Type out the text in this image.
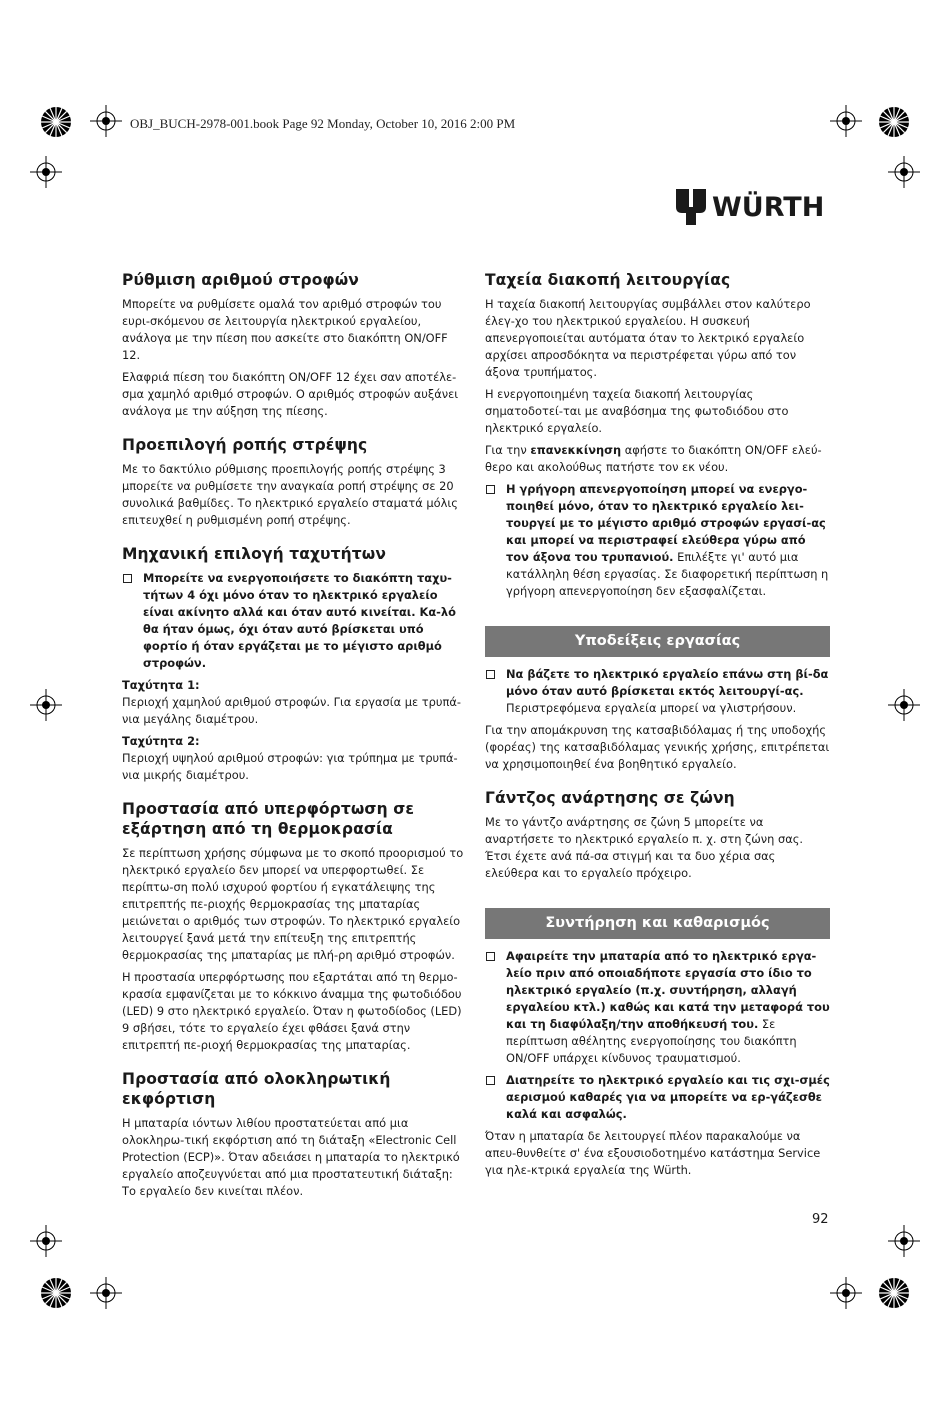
OBJ_BUCH-2978-001.book Page 92 Monday, October 10, 2016 2:00 PM
WÜRTH
Ρύθμιση αριθμού στροφών

Μπορείτε να ρυθμίσετε ομαλά τον αριθμό στροφών του ευρι-σκόμενου σε λειτουργία ηλεκτρικού εργαλείου, ανάλογα με την πίεση που ασκείτε στο διακόπτη ON/OFF 12.

Ελαφριά πίεση του διακόπτη ON/OFF 12 έχει σαν αποτέλε-σμα χαμηλό αριθμό στροφών. Ο αριθμός στροφών αυξάνει ανάλογα με την αύξηση της πίεσης.

Προεπιλογή ροπής στρέψης

Με το δακτύλιο ρύθμισης προεπιλογής ροπής στρέψης 3 μπορείτε να ρυθμίσετε την αναγκαία ροπή στρέψης σε 20 συνολικά βαθμίδες. Το ηλεκτρικό εργαλείο σταματά μόλις επιτευχθεί η ρυθμισμένη ροπή στρέψης.

Μηχανική επιλογή ταχυτήτων
Μπορείτε να ενεργοποιήσετε το διακόπτη ταχυ-τήτων 4 όχι μόνο όταν το ηλεκτρικό εργαλείο είναι ακίνητο αλλά και όταν αυτό κινείται. Κα-λό θα ήταν όμως, όχι όταν αυτό βρίσκεται υπό φορτίο ή όταν εργάζεται με το μέγιστο αριθμό στροφών.

Ταχύτητα 1:

Περιοχή χαμηλού αριθμού στροφών. Για εργασία με τρυπά-νια μεγάλης διαμέτρου.

Ταχύτητα 2:

Περιοχή υψηλού αριθμού στροφών: για τρύπημα με τρυπά-νια μικρής διαμέτρου.

Προστασία από υπερφόρτωση σε εξάρτηση από τη θερμοκρασία

Σε περίπτωση χρήσης σύμφωνα με το σκοπό προορισμού το ηλεκτρικό εργαλείο δεν μπορεί να υπερφορτωθεί. Σε περίπτω-ση πολύ ισχυρού φορτίου ή εγκατάλειψης της επιτρεπτής πε-ριοχής θερμοκρασίας της μπαταρίας μειώνεται ο αριθμός των στροφών. Το ηλεκτρικό εργαλείο λειτουργεί ξανά μετά την επίτευξη της επιτρεπτής θερμοκρασίας της μπαταρίας με πλή-ρη αριθμό στροφών.

Η προστασία υπερφόρτωσης που εξαρτάται από τη θερμο-κρασία εμφανίζεται με το κόκκινο άναμμα της φωτοδιόδου (LED) 9 στο ηλεκτρικό εργαλείο. Όταν η φωτοδίοδος (LED) 9 σβήσει, τότε το εργαλείο έχει φθάσει ξανά στην επιτρεπτή πε-ριοχή θερμοκρασίας της μπαταρίας.

Προστασία από ολοκληρωτική εκφόρτιση

Η μπαταρία ιόντων λιθίου προστατεύεται από μια ολοκληρω-τική εκφόρτιση από τη διάταξη «Electronic Cell Protection (ECP)». Όταν αδειάσει η μπαταρία το ηλεκτρικό εργαλείο αποζευγνύεται από μια προστατευτική διάταξη: Το εργαλείο δεν κινείται πλέον.

Ταχεία διακοπή λειτουργίας

Η ταχεία διακοπή λειτουργίας συμβάλλει στον καλύτερο έλεγ-χο του ηλεκτρικού εργαλείου. Η συσκευή απενεργοποιείται αυτόματα όταν το λεκτρικό εργαλείο αρχίσει απροσδόκητα να περιστρέφεται γύρω από τον άξονα τρυπήματος.

Η ενεργοποιημένη ταχεία διακοπή λειτουργίας σηματοδοτεί-ται με αναβόσημα της φωτοδιόδου στο ηλεκτρικό εργαλείο.

Για την επανεκκίνηση αφήστε το διακόπτη ON/OFF ελεύ-θερο και ακολούθως πατήστε τον εκ νέου.

Η γρήγορη απενεργοποίηση μπορεί να ενεργο-ποιηθεί μόνο, όταν το ηλεκτρικό εργαλείο λει-τουργεί με το μέγιστο αριθμό στροφών εργασί-ας και μπορεί να περιστραφεί ελεύθερα γύρω από τον άξονα του τρυπανιού. Επιλέξτε γι' αυτό μια κατάλληλη θέση εργασίας. Σε διαφορετική περίπτωση η γρήγορη απενεργοποίηση δεν εξασφαλίζεται.
Υποδείξεις εργασίας
Να βάζετε το ηλεκτρικό εργαλείο επάνω στη βί-δα μόνο όταν αυτό βρίσκεται εκτός λειτουργί-ας. Περιστρεφόμενα εργαλεία μπορεί να γλιστρήσουν.

Για την απομάκρυνση της κατσαβιδόλαμας ή της υποδοχής (φορέας) της κατσαβιδόλαμας γενικής χρήσης, επιτρέπεται να χρησιμοποιηθεί ένα βοηθητικό εργαλείο.

Γάντζος ανάρτησης σε ζώνη

Με το γάντζο ανάρτησης σε ζώνη 5 μπορείτε να αναρτήσετε το ηλεκτρικό εργαλείο π. χ. στη ζώνη σας. Έτσι έχετε ανά πά-σα στιγμή και τα δυο χέρια σας ελεύθερα και το εργαλείο πρόχειρο.

Συντήρηση και καθαρισμός
Αφαιρείτε την μπαταρία από το ηλεκτρικό εργα-λείο πριν από οποιαδήποτε εργασία στο ίδιο το ηλεκτρικό εργαλείο (π.χ. συντήρηση, αλλαγή εργαλείου κτλ.) καθώς και κατά την μεταφορά του και τη διαφύλαξη/την αποθήκευσή του. Σε περίπτωση αθέλητης ενεργοποίησης του διακόπτη ON/OFF υπάρχει κίνδυνος τραυματισμού.
Διατηρείτε το ηλεκτρικό εργαλείο και τις σχι-σμές αερισμού καθαρές για να μπορείτε να ερ-γάζεσθε καλά και ασφαλώς.

Όταν η μπαταρία δε λειτουργεί πλέον παρακαλούμε να απευ-θυνθείτε σ' ένα εξουσιοδοτημένο κατάστημα Service για ηλε-κτρικά εργαλεία της Würth.

92
